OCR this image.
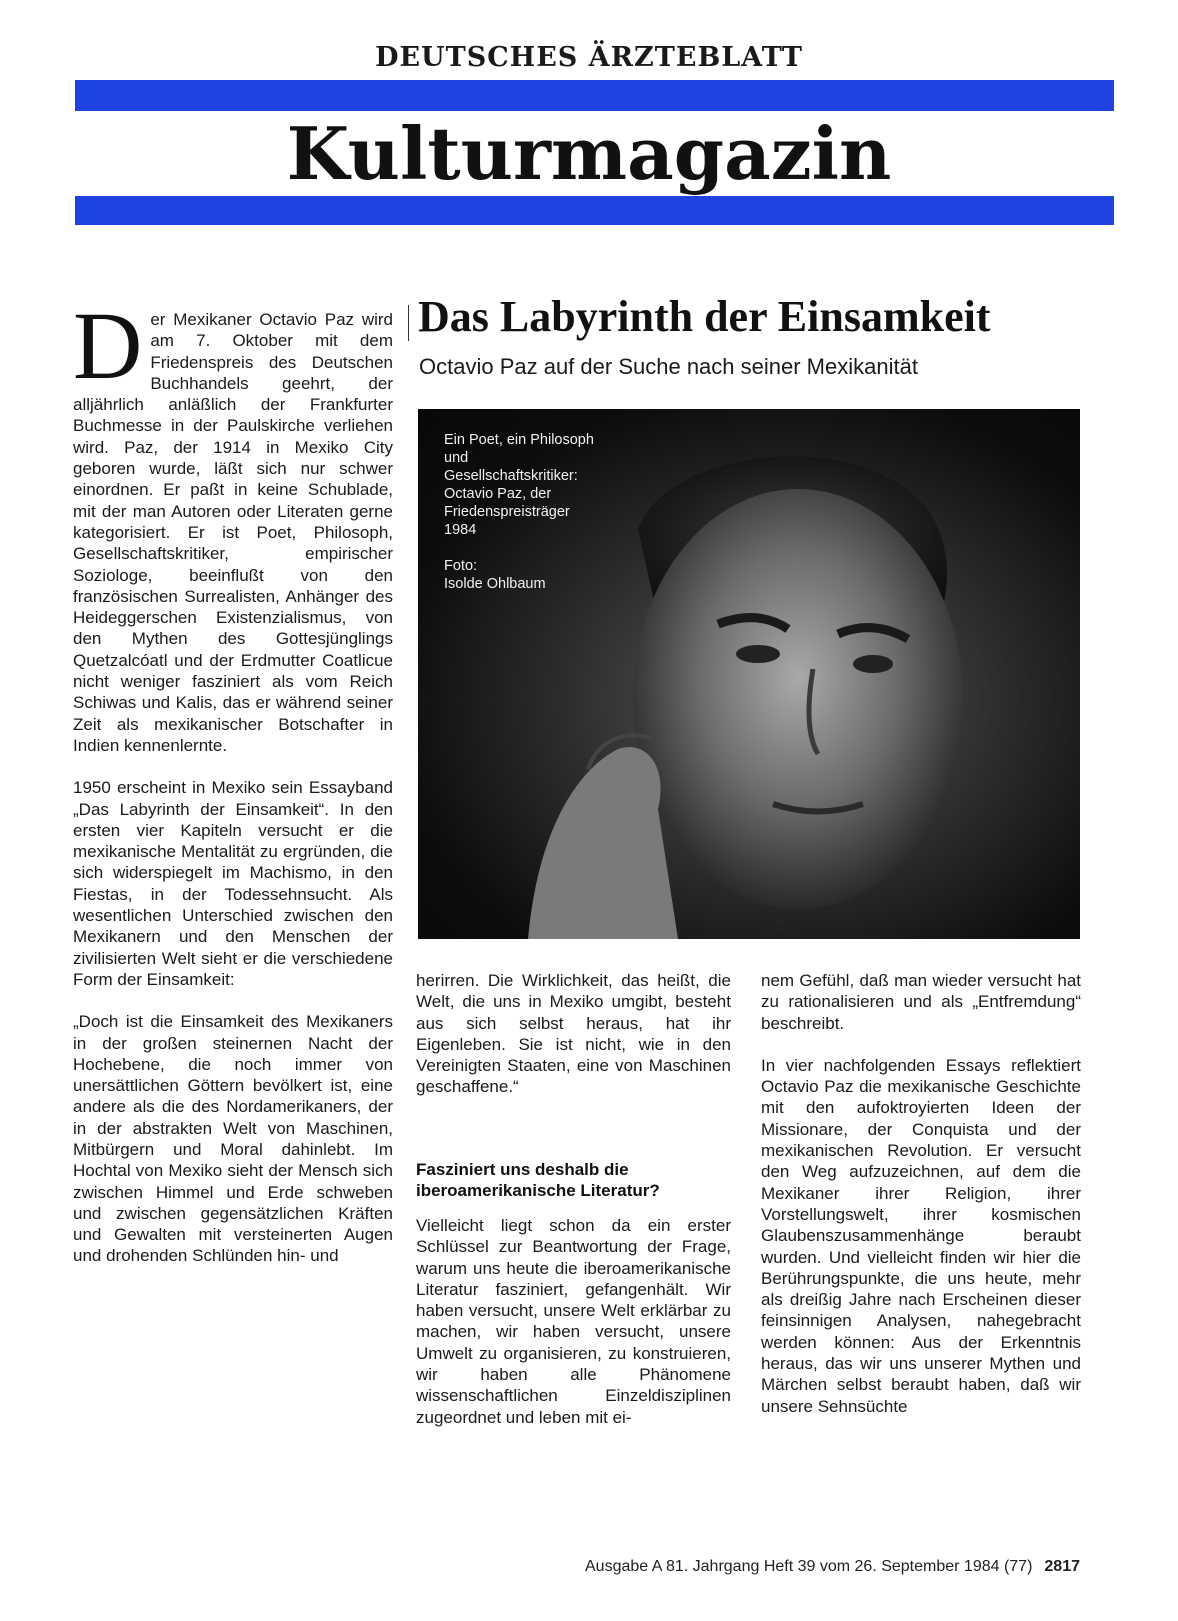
DEUTSCHES ÄRZTEBLATT
Kulturmagazin

Der Mexikaner Octavio Paz wird am 7. Oktober mit dem Friedenspreis des Deutschen Buchhandels geehrt, der alljährlich anläßlich der Frankfurter Buchmesse in der Paulskirche verliehen wird. Paz, der 1914 in Mexiko City geboren wurde, läßt sich nur schwer einordnen. Er paßt in keine Schublade, mit der man Autoren oder Literaten gerne kategorisiert. Er ist Poet, Philosoph, Gesellschaftskritiker, empirischer Soziologe, beeinflußt von den französischen Surrealisten, Anhänger des Heideggerschen Existenzialismus, von den Mythen des Gottesjünglings Quetzalcóatl und der Erdmutter Coatlicue nicht weniger fasziniert als vom Reich Schiwas und Kalis, das er während seiner Zeit als mexikanischer Botschafter in Indien kennenlernte.

1950 erscheint in Mexiko sein Essayband „Das Labyrinth der Einsamkeit“. In den ersten vier Kapiteln versucht er die mexikanische Mentalität zu ergründen, die sich widerspiegelt im Machismo, in den Fiestas, in der Todessehnsucht. Als wesentlichen Unterschied zwischen den Mexikanern und den Menschen der zivilisierten Welt sieht er die verschiedene Form der Einsamkeit:

„Doch ist die Einsamkeit des Mexikaners in der großen steinernen Nacht der Hochebene, die noch immer von unersättlichen Göttern bevölkert ist, eine andere als die des Nordamerikaners, der in der abstrakten Welt von Maschinen, Mitbürgern und Moral dahinlebt. Im Hochtal von Mexiko sieht der Mensch sich zwischen Himmel und Erde schweben und zwischen gegensätzlichen Kräften und Gewalten mit versteinerten Augen und drohenden Schlünden hin- und

Das Labyrinth der Einsamkeit
Octavio Paz auf der Suche nach seiner Mexikanität
Ein Poet, ein Philosoph und Gesellschaftskritiker: Octavio Paz, der Friedenspreisträger 1984
Foto:
Isolde Ohlbaum

herirren. Die Wirklichkeit, das heißt, die Welt, die uns in Mexiko umgibt, besteht aus sich selbst heraus, hat ihr Eigenleben. Sie ist nicht, wie in den Vereinigten Staaten, eine von Maschinen geschaffene.“

Fasziniert uns deshalb die iberoamerikanische Literatur?

Vielleicht liegt schon da ein erster Schlüssel zur Beantwortung der Frage, warum uns heute die iberoamerikanische Literatur fasziniert, gefangenhält. Wir haben versucht, unsere Welt erklärbar zu machen, wir haben versucht, unsere Umwelt zu organisieren, zu konstruieren, wir haben alle Phänomene wissenschaftlichen Einzeldisziplinen zugeordnet und leben mit ei-

nem Gefühl, daß man wieder versucht hat zu rationalisieren und als „Entfremdung“ beschreibt.

In vier nachfolgenden Essays reflektiert Octavio Paz die mexikanische Geschichte mit den aufoktroyierten Ideen der Missionare, der Conquista und der mexikanischen Revolution. Er versucht den Weg aufzuzeichnen, auf dem die Mexikaner ihrer Religion, ihrer Vorstellungswelt, ihrer kosmischen Glaubenszusammenhänge beraubt wurden. Und vielleicht finden wir hier die Berührungspunkte, die uns heute, mehr als dreißig Jahre nach Erscheinen dieser feinsinnigen Analysen, nahegebracht werden können: Aus der Erkenntnis heraus, das wir uns unserer Mythen und Märchen selbst beraubt haben, daß wir unsere Sehnsüchte

Ausgabe A 81. Jahrgang Heft 39 vom 26. September 1984 (77) 2817
